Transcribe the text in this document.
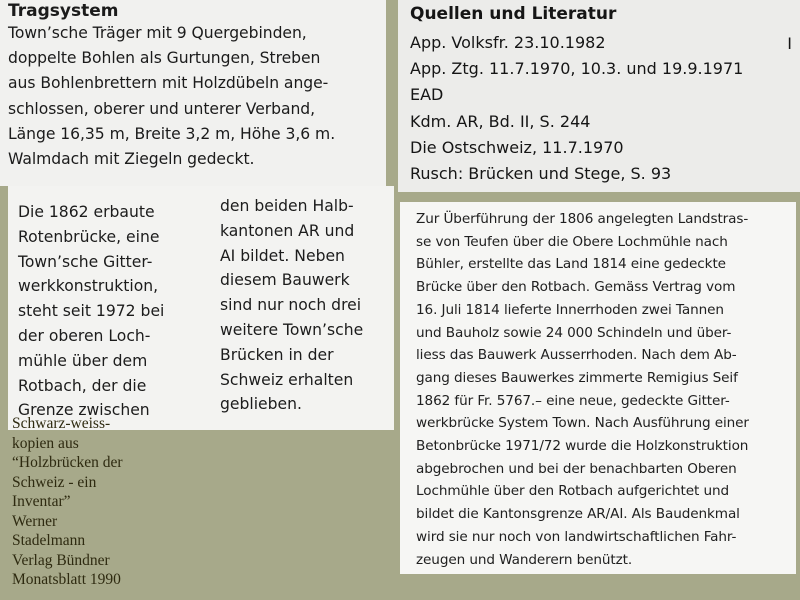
Tragsystem
Town’sche Träger mit 9 Quergebinden,
doppelte Bohlen als Gurtungen, Streben
aus Bohlenbrettern mit Holzdübeln ange-
schlossen, oberer und unterer Verband,
Länge 16,35 m, Breite 3,2 m, Höhe 3,6 m.
Walmdach mit Ziegeln gedeckt.
Quellen und Literatur
I
App. Volksfr. 23.10.1982
App. Ztg. 11.7.1970, 10.3. und 19.9.1971
EAD
Kdm. AR, Bd. II, S. 244
Die Ostschweiz, 11.7.1970
Rusch: Brücken und Stege, S. 93
Die 1862 erbaute
Rotenbrücke, eine
Town’sche Gitter-
werkkonstruktion,
steht seit 1972 bei
der oberen Loch-
mühle über dem
Rotbach, der die
Grenze zwischen
den beiden Halb-
kantonen AR und
AI bildet. Neben
diesem Bauwerk
sind nur noch drei
weitere Town’sche
Brücken in der
Schweiz erhalten
geblieben.
Zur Überführung der 1806 angelegten Landstras-
se von Teufen über die Obere Lochmühle nach
Bühler, erstellte das Land 1814 eine gedeckte
Brücke über den Rotbach. Gemäss Vertrag vom
16. Juli 1814 lieferte Innerrhoden zwei Tannen
und Bauholz sowie 24 000 Schindeln und über-
liess das Bauwerk Ausserrhoden. Nach dem Ab-
gang dieses Bauwerkes zimmerte Remigius Seif
1862 für Fr. 5767.– eine neue, gedeckte Gitter-
werkbrücke System Town. Nach Ausführung einer
Betonbrücke 1971/72 wurde die Holzkonstruktion
abgebrochen und bei der benachbarten Oberen
Lochmühle über den Rotbach aufgerichtet und
bildet die Kantonsgrenze AR/AI. Als Baudenkmal
wird sie nur noch von landwirtschaftlichen Fahr-
zeugen und Wanderern benützt.
Schwarz-weiss-
kopien aus
“Holzbrücken der
Schweiz - ein
Inventar”
Werner
Stadelmann
Verlag Bündner
Monatsblatt 1990
